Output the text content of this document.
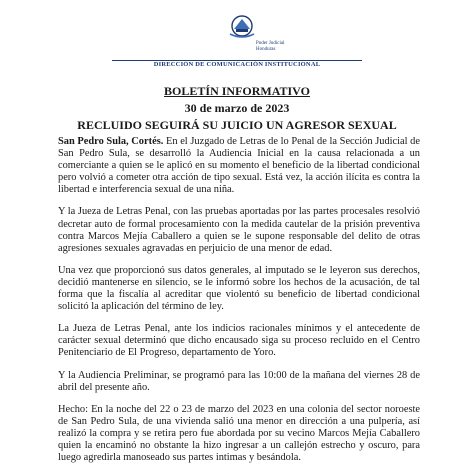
Poder Judicial
Honduras
DIRECCIÓN DE COMUNICACIÓN INSTITUCIONAL
BOLETÍN INFORMATIVO
30 de marzo de 2023
RECLUIDO SEGUIRÁ SU JUICIO UN AGRESOR SEXUAL

San Pedro Sula, Cortés. En el Juzgado de Letras de lo Penal de la Sección Judicial de San Pedro Sula, se desarrolló la Audiencia Inicial en la causa relacionada a un comerciante a quien se le aplicó en su momento el beneficio de la libertad condicional pero volvió a cometer otra acción de tipo sexual. Está vez, la acción ilícita es contra la libertad e interferencia sexual de una niña.

Y la Jueza de Letras Penal, con las pruebas aportadas por las partes procesales resolvió decretar auto de formal procesamiento con la medida cautelar de la prisión preventiva contra Marcos Mejía Caballero a quien se le supone responsable del delito de otras agresiones sexuales agravadas en perjuicio de una menor de edad.

Una vez que proporcionó sus datos generales, al imputado se le leyeron sus derechos, decidió mantenerse en silencio, se le informó sobre los hechos de la acusación, de tal forma que la fiscalía al acreditar que violentó su beneficio de libertad condicional solicitó la aplicación del término de ley.

La Jueza de Letras Penal, ante los indicios racionales mínimos y el antecedente de carácter sexual determinó que dicho encausado siga su proceso recluido en el Centro Penitenciario de El Progreso, departamento de Yoro.

Y la Audiencia Preliminar, se programó para las 10:00 de la mañana del viernes 28 de abril del presente año.

Hecho: En la noche del 22 o 23 de marzo del 2023 en una colonia del sector noroeste de San Pedro Sula, de una vivienda salió una menor en dirección a una pulpería, así realizó la compra y se retira pero fue abordada por su vecino Marcos Mejía Caballero quien la encaminó no obstante la hizo ingresar a un callejón estrecho y oscuro, para luego agredirla manoseado sus partes intimas y besándola.
